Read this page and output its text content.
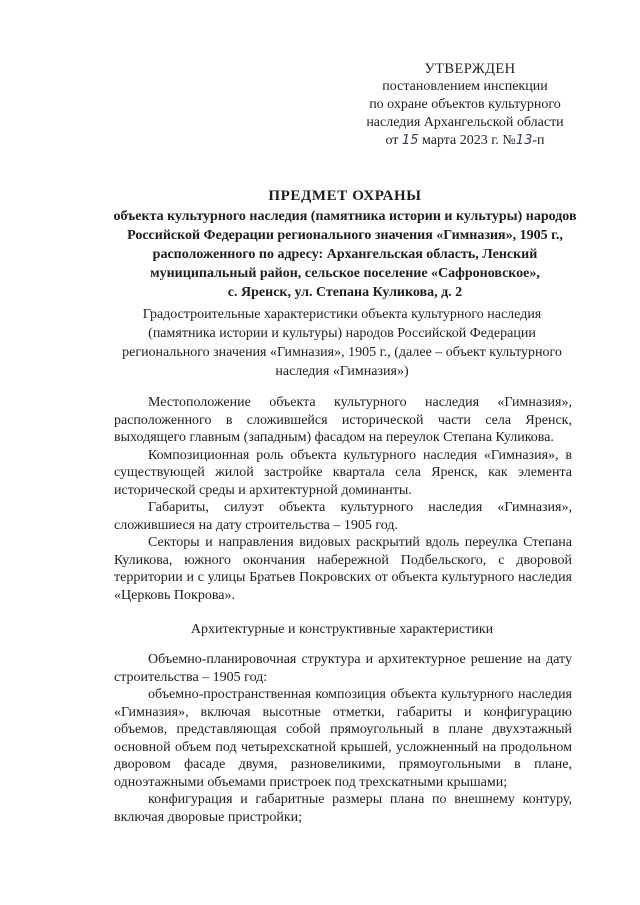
УТВЕРЖДЕН
постановлением инспекции
по охране объектов культурного
наследия Архангельской области
от 15 марта 2023 г. №13-п
ПРЕДМЕТ ОХРАНЫ
объекта культурного наследия (памятника истории и культуры) народов
Российской Федерации регионального значения «Гимназия», 1905 г.,
расположенного по адресу: Архангельская область, Ленский
муниципальный район, сельское поселение «Сафроновское»,
с. Яренск, ул. Степана Куликова, д. 2
Градостроительные характеристики объекта культурного наследия
(памятника истории и культуры) народов Российской Федерации
регионального значения «Гимназия», 1905 г., (далее – объект культурного
наследия «Гимназия»)

Местоположение объекта культурного наследия «Гимназия», расположенного в сложившейся исторической части села Яренск, выходящего главным (западным) фасадом на переулок Степана Куликова.

Композиционная роль объекта культурного наследия «Гимназия», в существующей жилой застройке квартала села Яренск, как элемента исторической среды и архитектурной доминанты.

Габариты, силуэт объекта культурного наследия «Гимназия», сложившиеся на дату строительства – 1905 год.

Секторы и направления видовых раскрытий вдоль переулка Степана Куликова, южного окончания набережной Подбельского, с дворовой территории и с улицы Братьев Покровских от объекта культурного наследия «Церковь Покрова».

Архитектурные и конструктивные характеристики

Объемно-планировочная структура и архитектурное решение на дату строительства – 1905 год:

объемно-пространственная композиция объекта культурного наследия «Гимназия», включая высотные отметки, габариты и конфигурацию объемов, представляющая собой прямоугольный в плане двухэтажный основной объем под четырехскатной крышей, усложненный на продольном дворовом фасаде двумя, разновеликими, прямоугольными в плане, одноэтажными объемами пристроек под трехскатными крышами;

конфигурация и габаритные размеры плана по внешнему контуру, включая дворовые пристройки;
